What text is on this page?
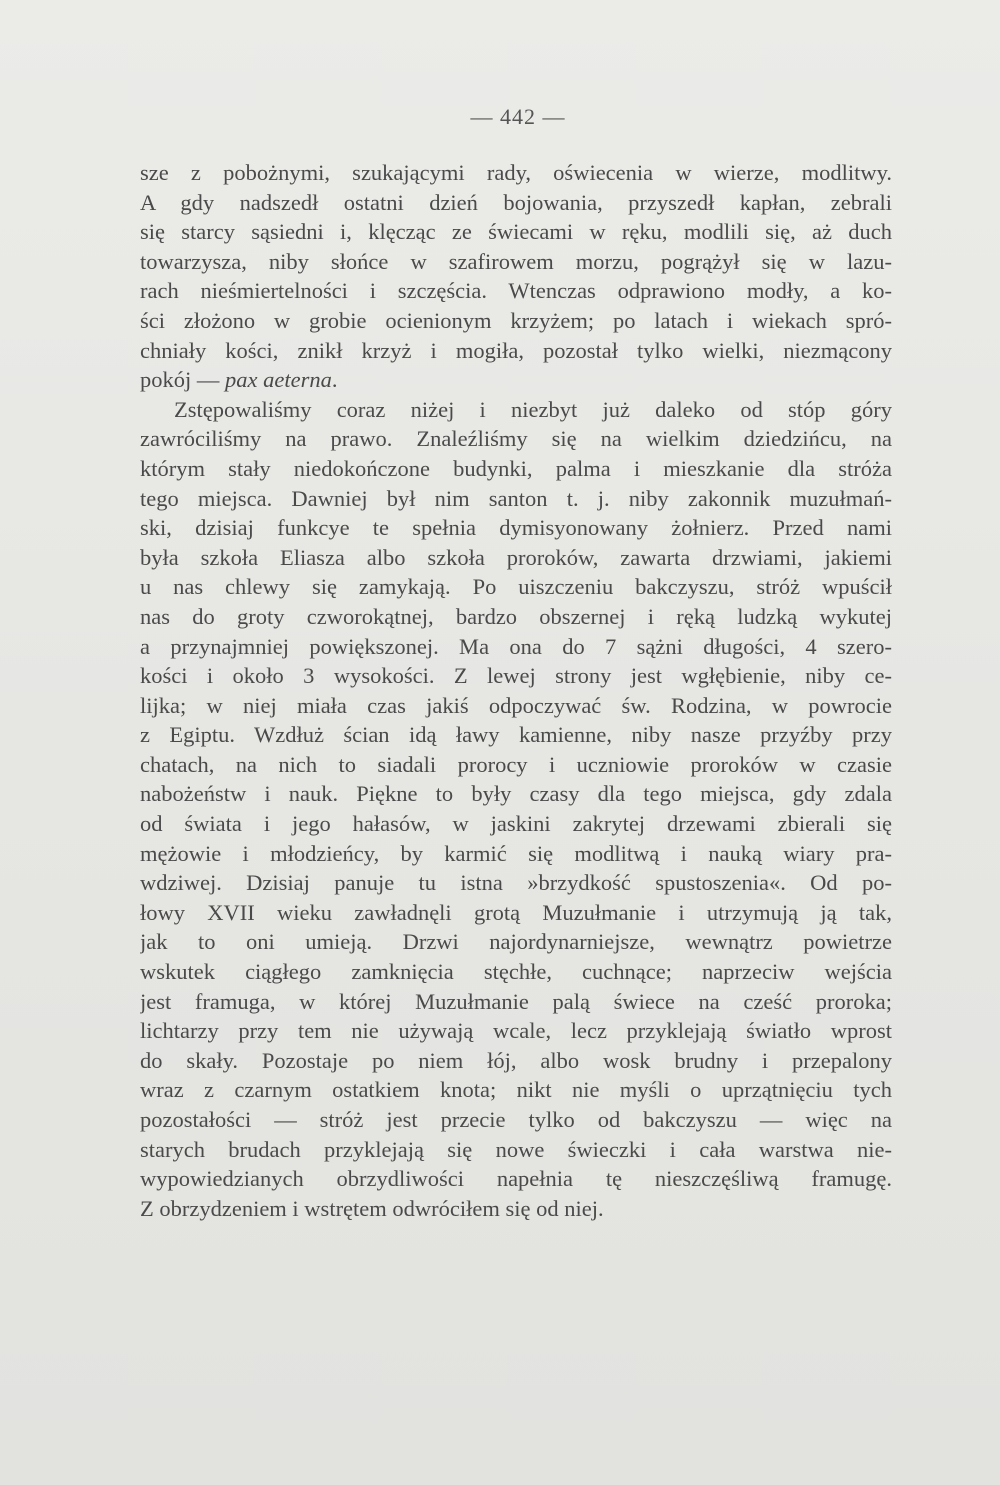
— 442 —
sze z pobożnymi, szukającymi rady, oświecenia w wierze, modlitwy.
A gdy nadszedł ostatni dzień bojowania, przyszedł kapłan, zebrali
się starcy sąsiedni i, klęcząc ze świecami w ręku, modlili się, aż duch
towarzysza, niby słońce w szafirowem morzu, pogrążył się w lazu-
rach nieśmiertelności i szczęścia. Wtenczas odprawiono modły, a ko-
ści złożono w grobie ocienionym krzyżem; po latach i wiekach spró-
chniały kości, znikł krzyż i mogiła, pozostał tylko wielki, niezmącony
pokój — pax aeterna.
Zstępowaliśmy coraz niżej i niezbyt już daleko od stóp góry
zawróciliśmy na prawo. Znaleźliśmy się na wielkim dziedzińcu, na
którym stały niedokończone budynki, palma i mieszkanie dla stróża
tego miejsca. Dawniej był nim santon t. j. niby zakonnik muzułmań-
ski, dzisiaj funkcye te spełnia dymisyonowany żołnierz. Przed nami
była szkoła Eliasza albo szkoła proroków, zawarta drzwiami, jakiemi
u nas chlewy się zamykają. Po uiszczeniu bakczyszu, stróż wpuścił
nas do groty czworokątnej, bardzo obszernej i ręką ludzką wykutej
a przynajmniej powiększonej. Ma ona do 7 sążni długości, 4 szero-
kości i około 3 wysokości. Z lewej strony jest wgłębienie, niby ce-
lijka; w niej miała czas jakiś odpoczywać św. Rodzina, w powrocie
z Egiptu. Wzdłuż ścian idą ławy kamienne, niby nasze przyźby przy
chatach, na nich to siadali prorocy i uczniowie proroków w czasie
nabożeństw i nauk. Piękne to były czasy dla tego miejsca, gdy zdala
od świata i jego hałasów, w jaskini zakrytej drzewami zbierali się
mężowie i młodzieńcy, by karmić się modlitwą i nauką wiary pra-
wdziwej. Dzisiaj panuje tu istna »brzydkość spustoszenia«. Od po-
łowy XVII wieku zawładnęli grotą Muzułmanie i utrzymują ją tak,
jak to oni umieją. Drzwi najordynarniejsze, wewnątrz powietrze
wskutek ciągłego zamknięcia stęchłe, cuchnące; naprzeciw wejścia
jest framuga, w której Muzułmanie palą świece na cześć proroka;
lichtarzy przy tem nie używają wcale, lecz przyklejają światło wprost
do skały. Pozostaje po niem łój, albo wosk brudny i przepalony
wraz z czarnym ostatkiem knota; nikt nie myśli o uprzątnięciu tych
pozostałości — stróż jest przecie tylko od bakczyszu — więc na
starych brudach przyklejają się nowe świeczki i cała warstwa nie-
wypowiedzianych obrzydliwości napełnia tę nieszczęśliwą framugę.
Z obrzydzeniem i wstrętem odwróciłem się od niej.
